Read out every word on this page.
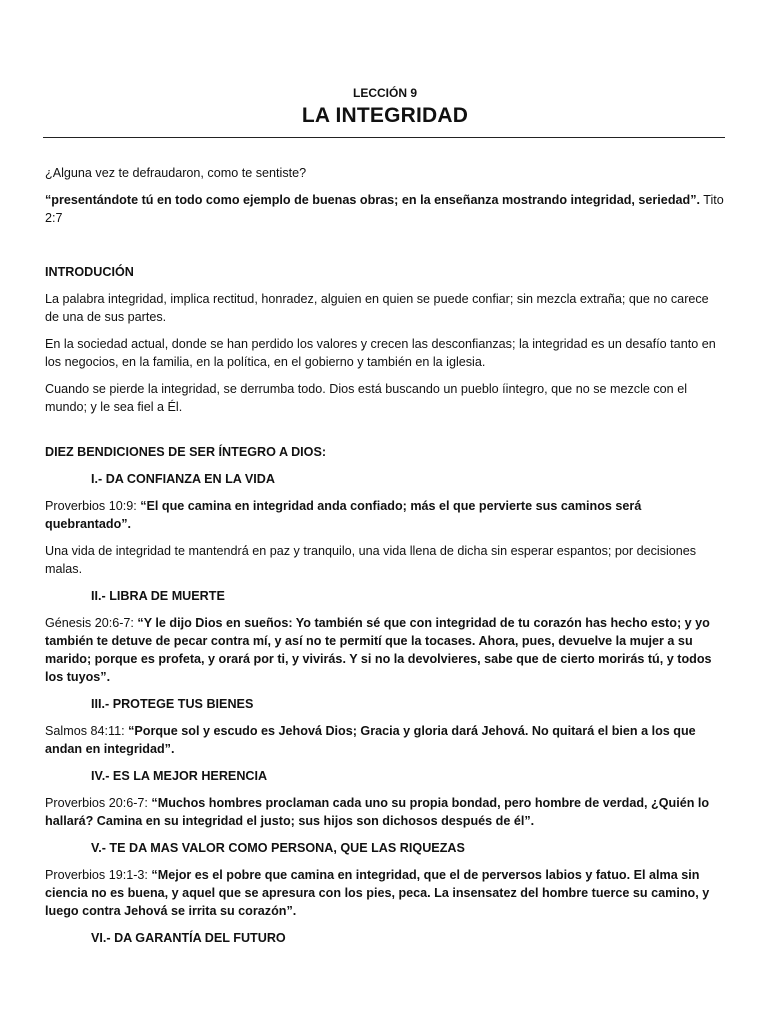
LECCIÓN 9
LA INTEGRIDAD

¿Alguna vez te defraudaron, como te sentiste?

“presentándote tú en todo como ejemplo de buenas obras; en la enseñanza mostrando integridad, seriedad”. Tito 2:7

INTRODUCIÓN

La palabra integridad, implica rectitud, honradez, alguien en quien se puede confiar; sin mezcla extraña; que no carece de una de sus partes.

En la sociedad actual, donde se han perdido los valores y crecen las desconfianzas; la integridad es un desafío tanto en los negocios, en la familia, en la política, en el gobierno y también en la iglesia.

Cuando se pierde la integridad, se derrumba todo. Dios está buscando un pueblo íintegro, que no se mezcle con el mundo; y le sea fiel a Él.

DIEZ BENDICIONES DE SER ÍNTEGRO A DIOS:

I.- DA CONFIANZA EN LA VIDA

Proverbios 10:9: “El que camina en integridad anda confiado; más el que pervierte sus caminos será́ quebrantado”.

Una vida de integridad te mantendrá́ en paz y tranquilo, una vida llena de dicha sin esperar espantos; por decisiones malas.

II.- LIBRA DE MUERTE

Génesis 20:6-7: “Y le dijo Dios en sueños: Yo también sé que con integridad de tu corazón has hecho esto; y yo también te detuve de pecar contra mí, y así no te permití que la tocases. Ahora, pues, devuelve la mujer a su marido; porque es profeta, y orará por ti, y vivirás. Y si no la devolvieres, sabe que de cierto morirás tú, y todos los tuyos”.

III.- PROTEGE TUS BIENES

Salmos 84:11: “Porque sol y escudo es Jehová́ Dios; Gracia y gloria dará́ Jehová́. No quitará el bien a los que andan en integridad”.

IV.- ES LA MEJOR HERENCIA

Proverbios 20:6-7: “Muchos hombres proclaman cada uno su propia bondad, pero hombre de verdad, ¿Quién lo hallará? Camina en su integridad el justo; sus hijos son dichosos después de él”.

V.- TE DA MAS VALOR COMO PERSONA, QUE LAS RIQUEZAS

Proverbios 19:1-3: “Mejor es el pobre que camina en integridad, que el de perversos labios y fatuo. El alma sin ciencia no es buena, y aquel que se apresura con los pies, peca. La insensatez del hombre tuerce su camino, y luego contra Jehová́ se irrita su corazón”.

VI.- DA GARANTÍA DEL FUTURO
